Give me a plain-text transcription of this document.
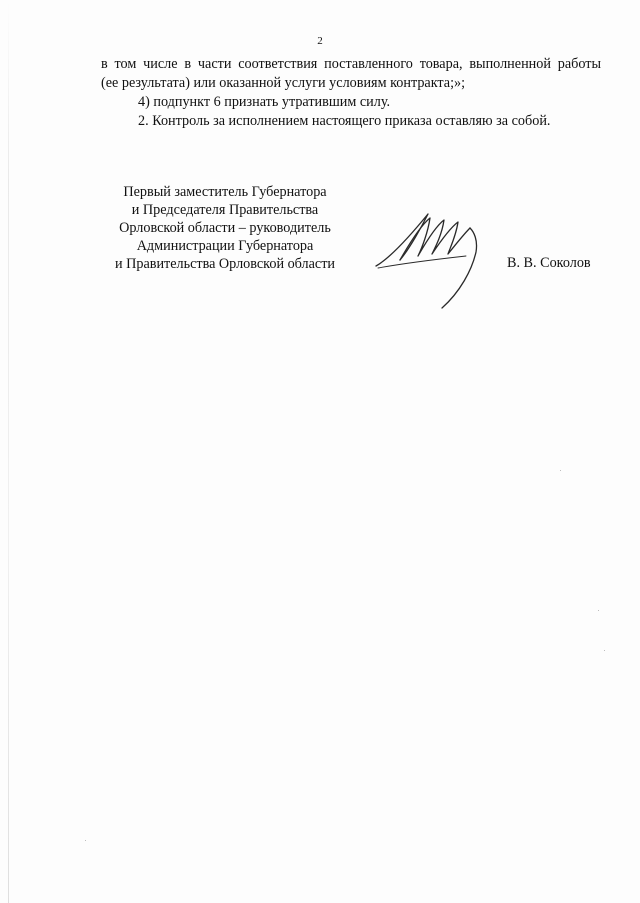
2
в том числе в части соответствия поставленного товара, выполненной работы
(ее результата) или оказанной услуги условиям контракта;»;
4) подпункт 6 признать утратившим силу.
2. Контроль за исполнением настоящего приказа оставляю за собой.
Первый заместитель Губернатора
и Председателя Правительства
Орловской области – руководитель
Администрации Губернатора
и Правительства Орловской области	В. В. Соколов
